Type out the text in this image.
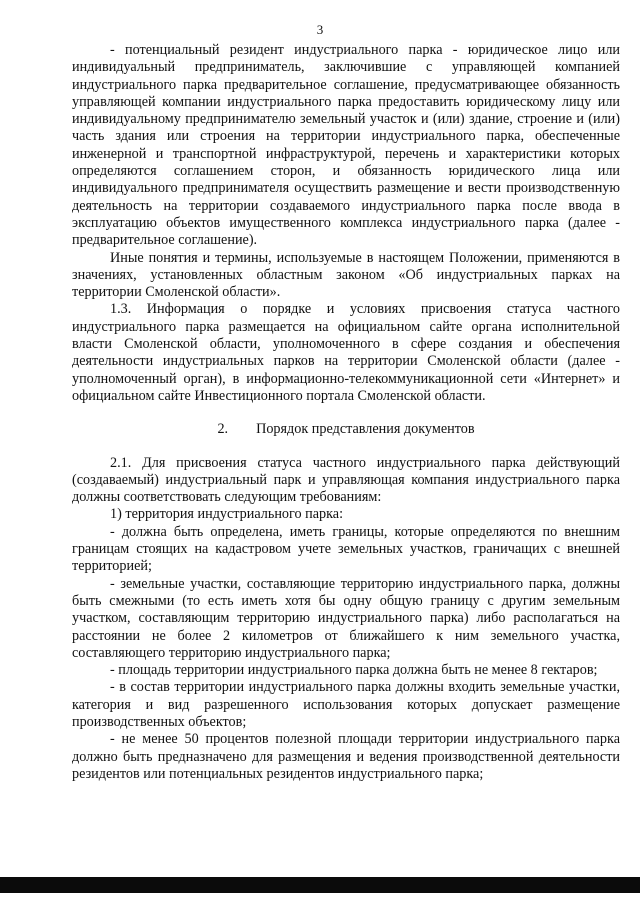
3

- потенциальный резидент индустриального парка - юридическое лицо или индивидуальный предприниматель, заключившие с управляющей компанией индустриального парка предварительное соглашение, предусматривающее обязанность управляющей компании индустриального парка предоставить юридическому лицу или индивидуальному предпринимателю земельный участок и (или) здание, строение и (или) часть здания или строения на территории индустриального парка, обеспеченные инженерной и транспортной инфраструктурой, перечень и характеристики которых определяются соглашением сторон, и обязанность юридического лица или индивидуального предпринимателя осуществить размещение и вести производственную деятельность на территории создаваемого индустриального парка после ввода в эксплуатацию объектов имущественного комплекса индустриального парка (далее - предварительное соглашение).

Иные понятия и термины, используемые в настоящем Положении, применяются в значениях, установленных областным законом «Об индустриальных парках на территории Смоленской области».

1.3. Информация о порядке и условиях присвоения статуса частного индустриального парка размещается на официальном сайте органа исполнительной власти Смоленской области, уполномоченного в сфере создания и обеспечения деятельности индустриальных парков на территории Смоленской области (далее - уполномоченный орган), в информационно-телекоммуникационной сети «Интернет» и официальном сайте Инвестиционного портала Смоленской области.

2. Порядок представления документов

2.1. Для присвоения статуса частного индустриального парка действующий (создаваемый) индустриальный парк и управляющая компания индустриального парка должны соответствовать следующим требованиям:

1) территория индустриального парка:

- должна быть определена, иметь границы, которые определяются по внешним границам стоящих на кадастровом учете земельных участков, граничащих с внешней территорией;

- земельные участки, составляющие территорию индустриального парка, должны быть смежными (то есть иметь хотя бы одну общую границу с другим земельным участком, составляющим территорию индустриального парка) либо располагаться на расстоянии не более 2 километров от ближайшего к ним земельного участка, составляющего территорию индустриального парка;

- площадь территории индустриального парка должна быть не менее 8 гектаров;

- в состав территории индустриального парка должны входить земельные участки, категория и вид разрешенного использования которых допускает размещение производственных объектов;

- не менее 50 процентов полезной площади территории индустриального парка должно быть предназначено для размещения и ведения производственной деятельности резидентов или потенциальных резидентов индустриального парка;
